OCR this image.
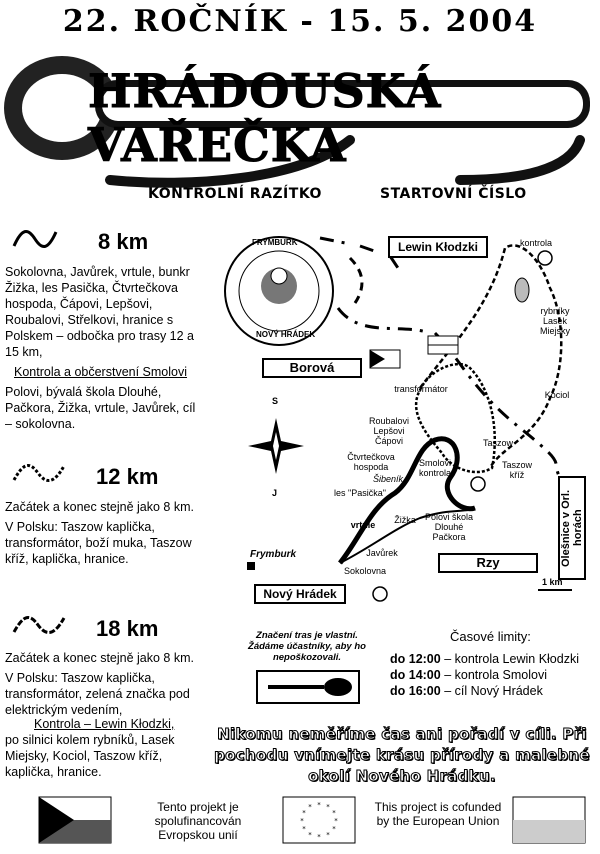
22. ROČNÍK - 15. 5. 2004
HRÁDOUSKÁ VAŘEČKA
KONTROLNÍ RAZÍTKO	STARTOVNÍ ČÍSLO
8 km
Sokolovna, Javůrek, vrtule, bunkr Žižka, les Pasička, Čtvrtečkova hospoda, Čápovi, Lepšovi, Roubalovi, Střelkovi, hranice s Polskem – odbočka pro trasy 12 a 15 km,
Kontrola a občerstvení Smolovi
Polovi, bývalá škola Dlouhé, Pačkora, Žižka, vrtule, Javůrek, cíl – sokolovna.
12 km
Začátek a konec stejně jako 8 km.
V Polsku: Taszow kaplička, transformátor, boží muka, Taszow kříž, kaplička, hranice.
18 km
Začátek a konec stejně jako 8 km.
V Polsku: Taszow kaplička, transformátor, zelená značka pod elektrickým vedením,
Kontrola – Lewin Kłodzki,
po silnici kolem rybníků, Lasek Miejsky, Kociol, Taszow kříž, kaplička, hranice.
FRYMBURK
NOVÝ HRÁDEK
Lewin Kłodzki
Borová
Rzy
Nový Hrádek
Olešnice v Orl. horách
kontrola
rybníky Lasek Miejsky
Kociol
transformátor
Taszow
Taszow kříž
Roubalovi Lepšovi Čápovi
Čtvrtečkova hospoda
Šibeník
Smolovi kontrola
les "Pasička"
vrtule	Žižka	Polovi škola Dlouhé Pačkora
Javůrek
Sokolovna
Frymburk
1 km
S
J
Značení tras je vlastní. Žádáme účastníky, aby ho nepoškozovali.
Časové limity:
do 12:00 – kontrola Lewin Kłodzki
do 14:00 – kontrola Smolovi
do 16:00 – cíl Nový Hrádek
Nikomu neměříme čas ani pořadí v cíli. Při pochodu vnímejte krásu přírody a malebné okolí Nového Hrádku.
Tento projekt je spolufinancován Evropskou unií
* *
*
*
*
*
*
*
*
*
*
*	This project is cofunded by the European Union
